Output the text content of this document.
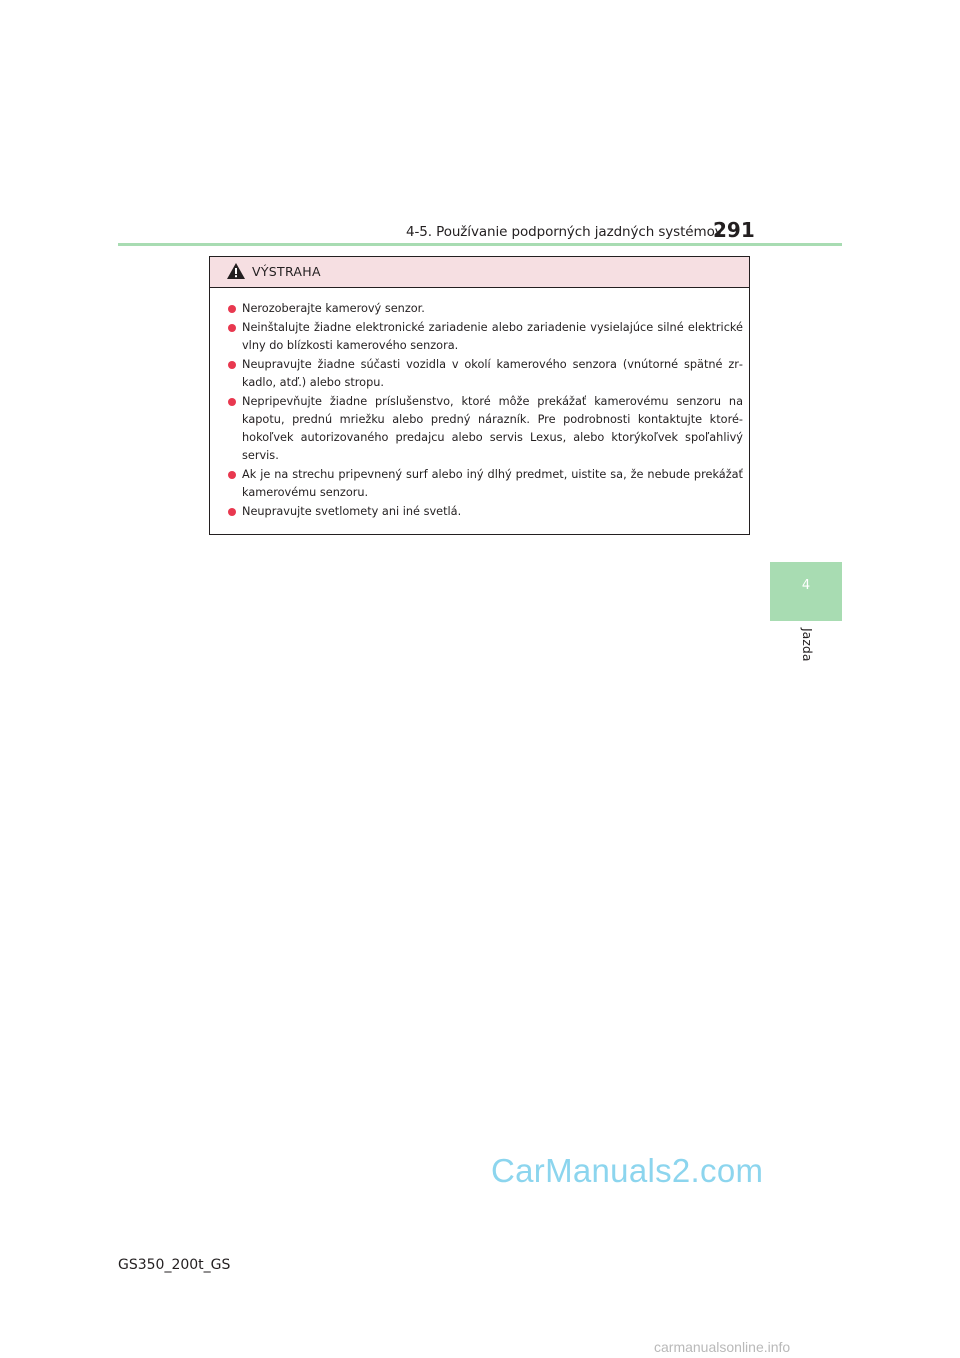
4-5. Používanie podporných jazdných systémov
291
4
Jazda
VÝSTRAHA
Nerozoberajte kamerový senzor.
Neinštalujte žiadne elektronické zariadenie alebo zariadenie vysielajúce silné elektrické vlny do blízkosti kamerového senzora.
Neupravujte žiadne súčasti vozidla v okolí kamerového senzora (vnútorné spätné zrkadlo, atď.) alebo stropu.
Nepripevňujte žiadne príslušenstvo, ktoré môže prekážať kamerovému senzoru na kapotu, prednú mriežku alebo predný nárazník. Pre podrobnosti kontaktujte ktoréhokoľvek autorizovaného predajcu alebo servis Lexus, alebo ktorýkoľvek spoľahlivý servis.
Ak je na strechu pripevnený surf alebo iný dlhý predmet, uistite sa, že nebude prekážať kamerovému senzoru.
Neupravujte svetlomety ani iné svetlá.
CarManuals2.com
GS350_200t_GS
carmanualsonline.info
